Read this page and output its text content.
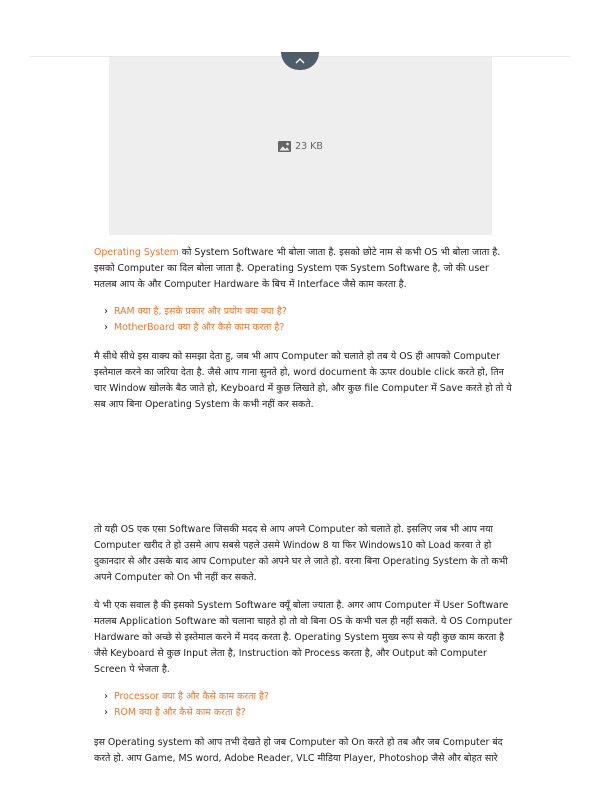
23 KB

Operating System को System Software भी बोला जाता है. इसको छोटे नाम से कभी OS भी बोला जाता है. इसको Computer का दिल बोला जाता है. Operating System एक System Software है, जो की user मतलब आप के और Computer Hardware के बिच में Interface जैसे काम करता है.

› RAM क्या है, इसके प्रकार और प्रयोग क्या क्या है?
› MotherBoard क्या है और कैसे काम करता है?

मै सीधे सीधे इस वाक्य को समझा देता हु, जब भी आप Computer को चलाते हो तब ये OS ही आपको Computer इस्तेमाल करने का जरिया देता है. जैसे आप गाना सुनते हो, word document के ऊपर double click करते हो, तिन चार Window खोलके बैठ जाते हो, Keyboard में कुछ लिखते हो, और कुछ file Computer में Save करते हो तो ये सब आप बिना Operating System के कभी नहीं कर सकते.

तो यही OS एक एसा Software जिसकी मदद से आप अपने Computer को चलाते हो. इसलिए जब भी आप नया Computer खरीद ते हो उसमे आप सबसे पहले उसमे Window 8 या फिर Windows10 को Load करवा ते हो दुकानदार से और उसके बाद आप Computer को अपने घर ले जाते हो. वरना बिना Operating System के तो कभी अपने Computer को On भी नहीं कर सकते.

ये भी एक सवाल है की इसको System Software क्यूँ बोला ज्याता है. अगर आप Computer में User Software मतलब Application Software को चलाना चाहते हो तो वो बिना OS के कभी चल ही नहीं सकते. ये OS Computer Hardware को अच्छे से इस्तेमाल करने में मदद करता है. Operating System मुख्य रूप से यही कुछ काम करता है जैसे Keyboard से कुछ Input लेता है, Instruction को Process करता है, और Output को Computer Screen पे भेजता है.

› Processor क्या है और कैसे काम करता है?
› ROM क्या है और कैसे काम करता है?

इस Operating system को आप तभी देखते हो जब Computer को On करते हो तब और जब Computer बंद करते हो. आप Game, MS word, Adobe Reader, VLC मीडिया Player, Photoshop जैसे और बोहत सारे
